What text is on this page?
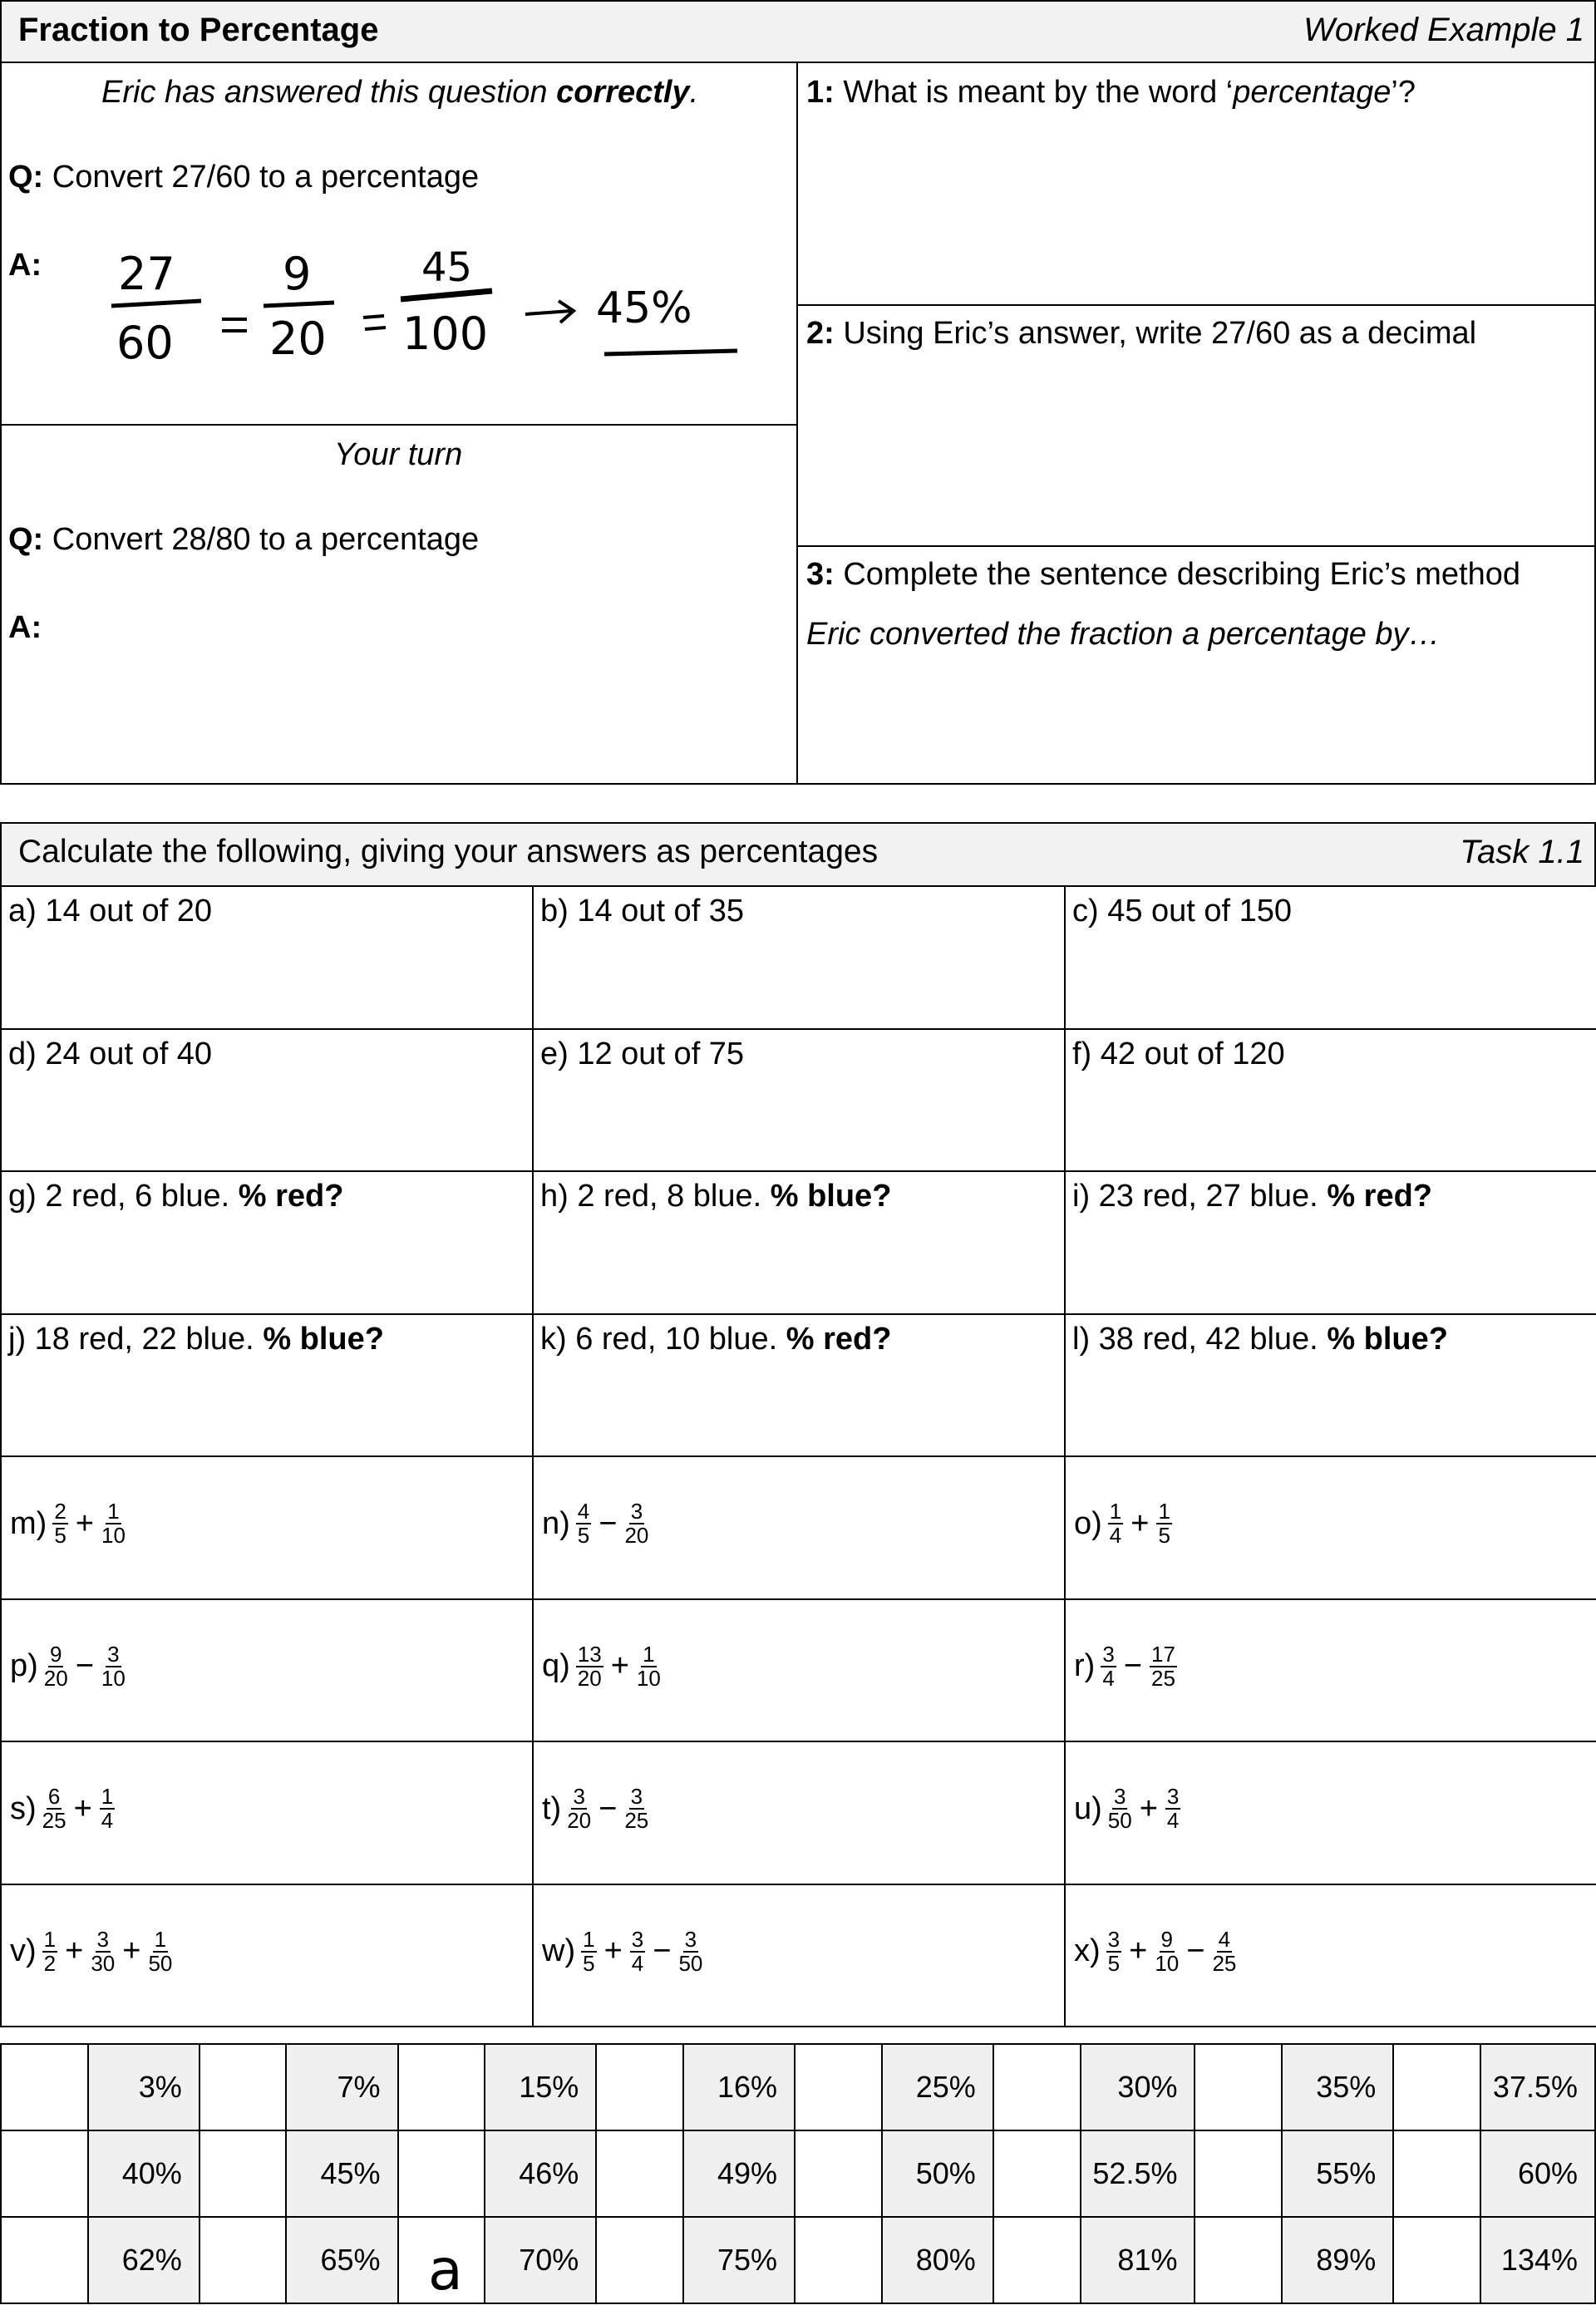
Fraction to Percentage	Worked Example 1
Eric has answered this question correctly.
Q: Convert 27/60 to a percentage
A: 27
60
9
20
45
100 45%
Your turn
Q: Convert 28/80 to a percentage
A:
1: What is meant by the word ‘percentage’?
2: Using Eric’s answer, write 27/60 as a decimal
3: Complete the sentence describing Eric’s method
Eric converted the fraction a percentage by…
Calculate the following, giving your answers as percentages	Task 1.1
a) 14 out of 20	b) 14 out of 35	c) 45 out of 150
d) 24 out of 40	e) 12 out of 75	f) 42 out of 120
g) 2 red, 6 blue. % red?	h) 2 red, 8 blue. % blue?	i) 23 red, 27 blue. % red?
j) 18 red, 22 blue. % blue?	k) 6 red, 10 blue. % red?	l) 38 red, 42 blue. % blue?
$m) \frac{2}{5} + \frac{1}{10}$	$n) \frac{4}{5} - \frac{3}{20}$	$o) \frac{1}{4} + \frac{1}{5}$
$p) \frac{9}{20} - \frac{3}{10}$	$q) \frac{13}{20} + \frac{1}{10}$	$r) \frac{3}{4} - \frac{17}{25}$
$s) \frac{6}{25} + \frac{1}{4}$	$t) \frac{3}{20} - \frac{3}{25}$	$u) \frac{3}{50} + \frac{3}{4}$
$v) \frac{1}{2} + \frac{3}{30} + \frac{1}{50}$	$w) \frac{1}{5} + \frac{3}{4} - \frac{3}{50}$	$x) \frac{3}{5} + \frac{9}{10} - \frac{4}{25}$
	3%		7%		15%		16%		25%		30%		35%		37.5%
	40%		45%		46%		49%		50%		52.5%		55%		60%
	62%		65%		70%		75%		80%		81%		89%		134%
a
